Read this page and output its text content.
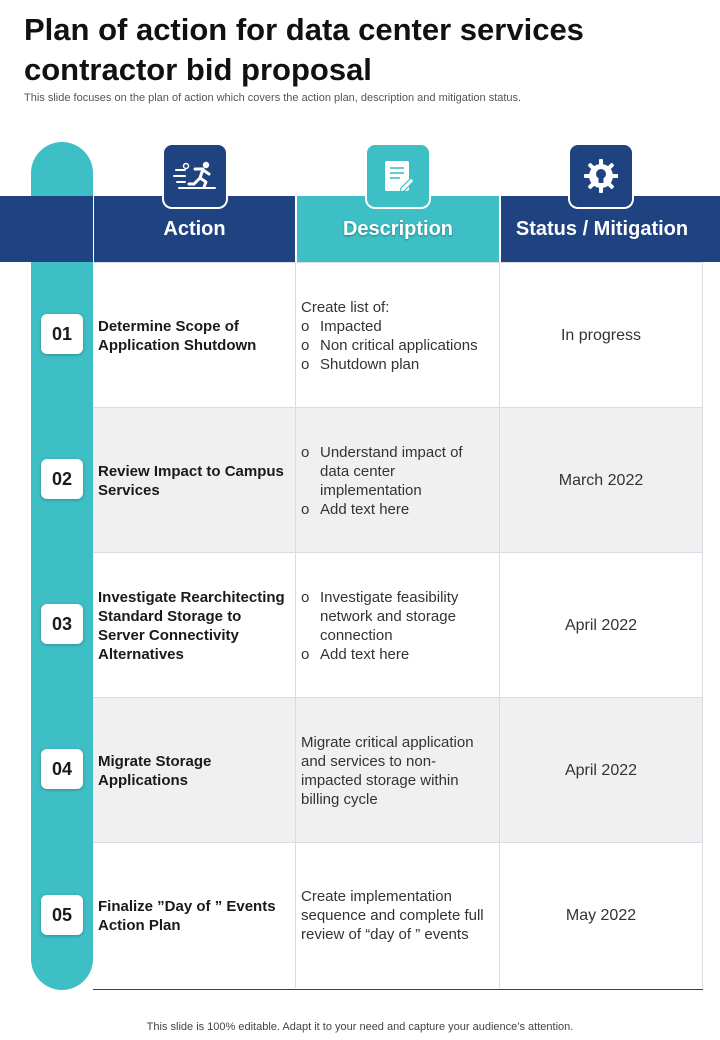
Plan of action for data center services contractor bid proposal

This slide focuses on the plan of action which covers the action plan, description and mitigation status.

Action	Description	Status / Mitigation
Determine Scope of Application Shutdown
Create list of:
o Impacted
o Non critical applications
o Shutdown plan
In progress
Review Impact to Campus Services
o Understand impact of data center implementation
o Add text here
March 2022
Investigate Rearchitecting Standard Storage to Server Connectivity Alternatives
o Investigate feasibility network and storage connection
o Add text here
April 2022
Migrate Storage Applications
Migrate critical application and services to non-impacted storage within billing cycle
April 2022
Finalize ”Day of ” Events Action Plan
Create implementation sequence and complete full review of “day of ” events
May 2022
01
02
03
04
05
This slide is 100% editable. Adapt it to your need and capture your audience’s attention.
